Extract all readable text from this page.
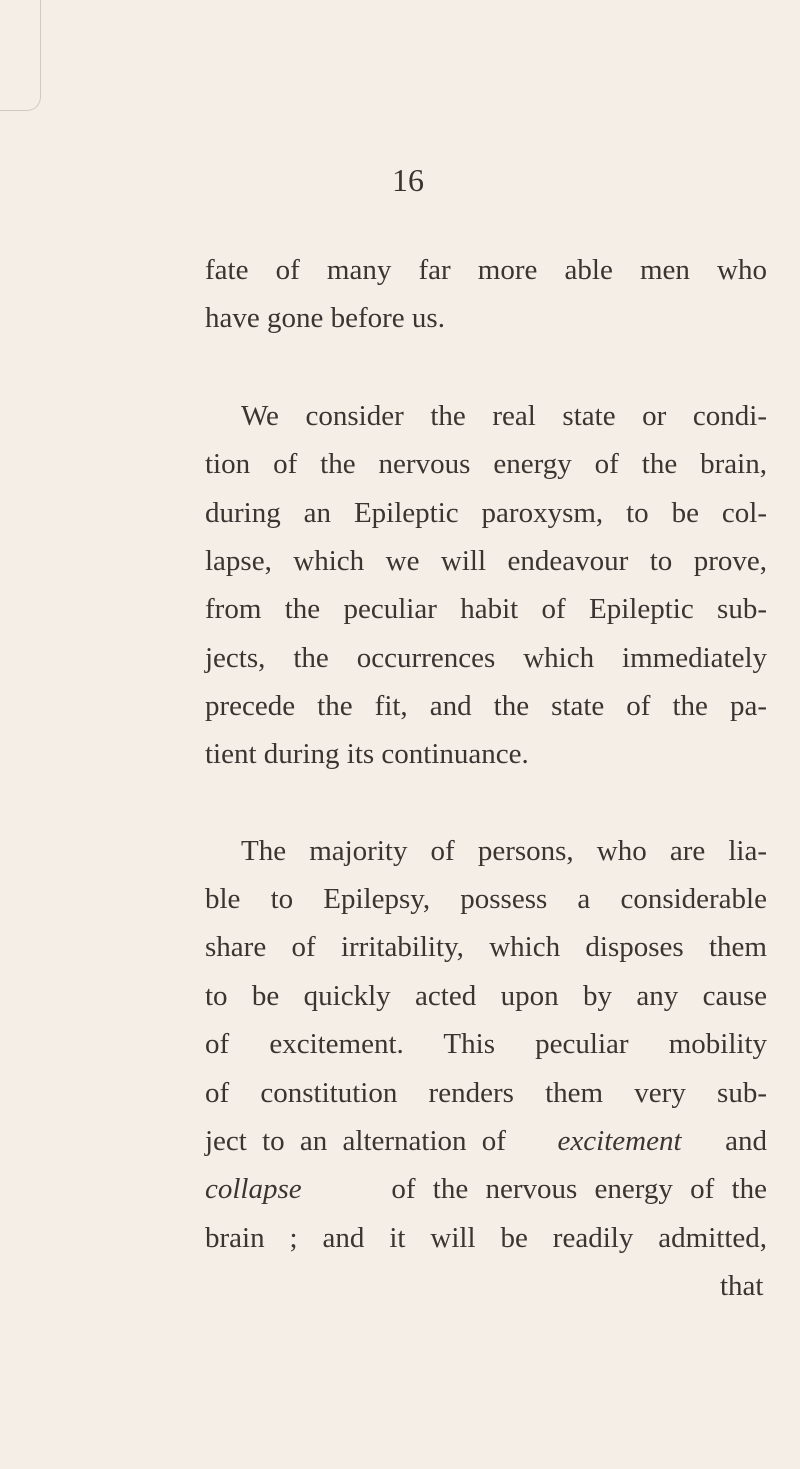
16
fate of many far more able men who
have gone before us.
We consider the real state or condi-
tion of the nervous energy of the brain,
during an Epileptic paroxysm, to be col-
lapse, which we will endeavour to prove,
from the peculiar habit of Epileptic sub-
jects, the occurrences which immediately
precede the fit, and the state of the pa-
tient during its continuance.
The majority of persons, who are lia-
ble to Epilepsy, possess a considerable
share of irritability, which disposes them
to be quickly acted upon by any cause
of excitement. This peculiar mobility
of constitution renders them very sub-
ject to an alternation of excitement and
collapse of the nervous energy of the
brain ; and it will be readily admitted,
that
